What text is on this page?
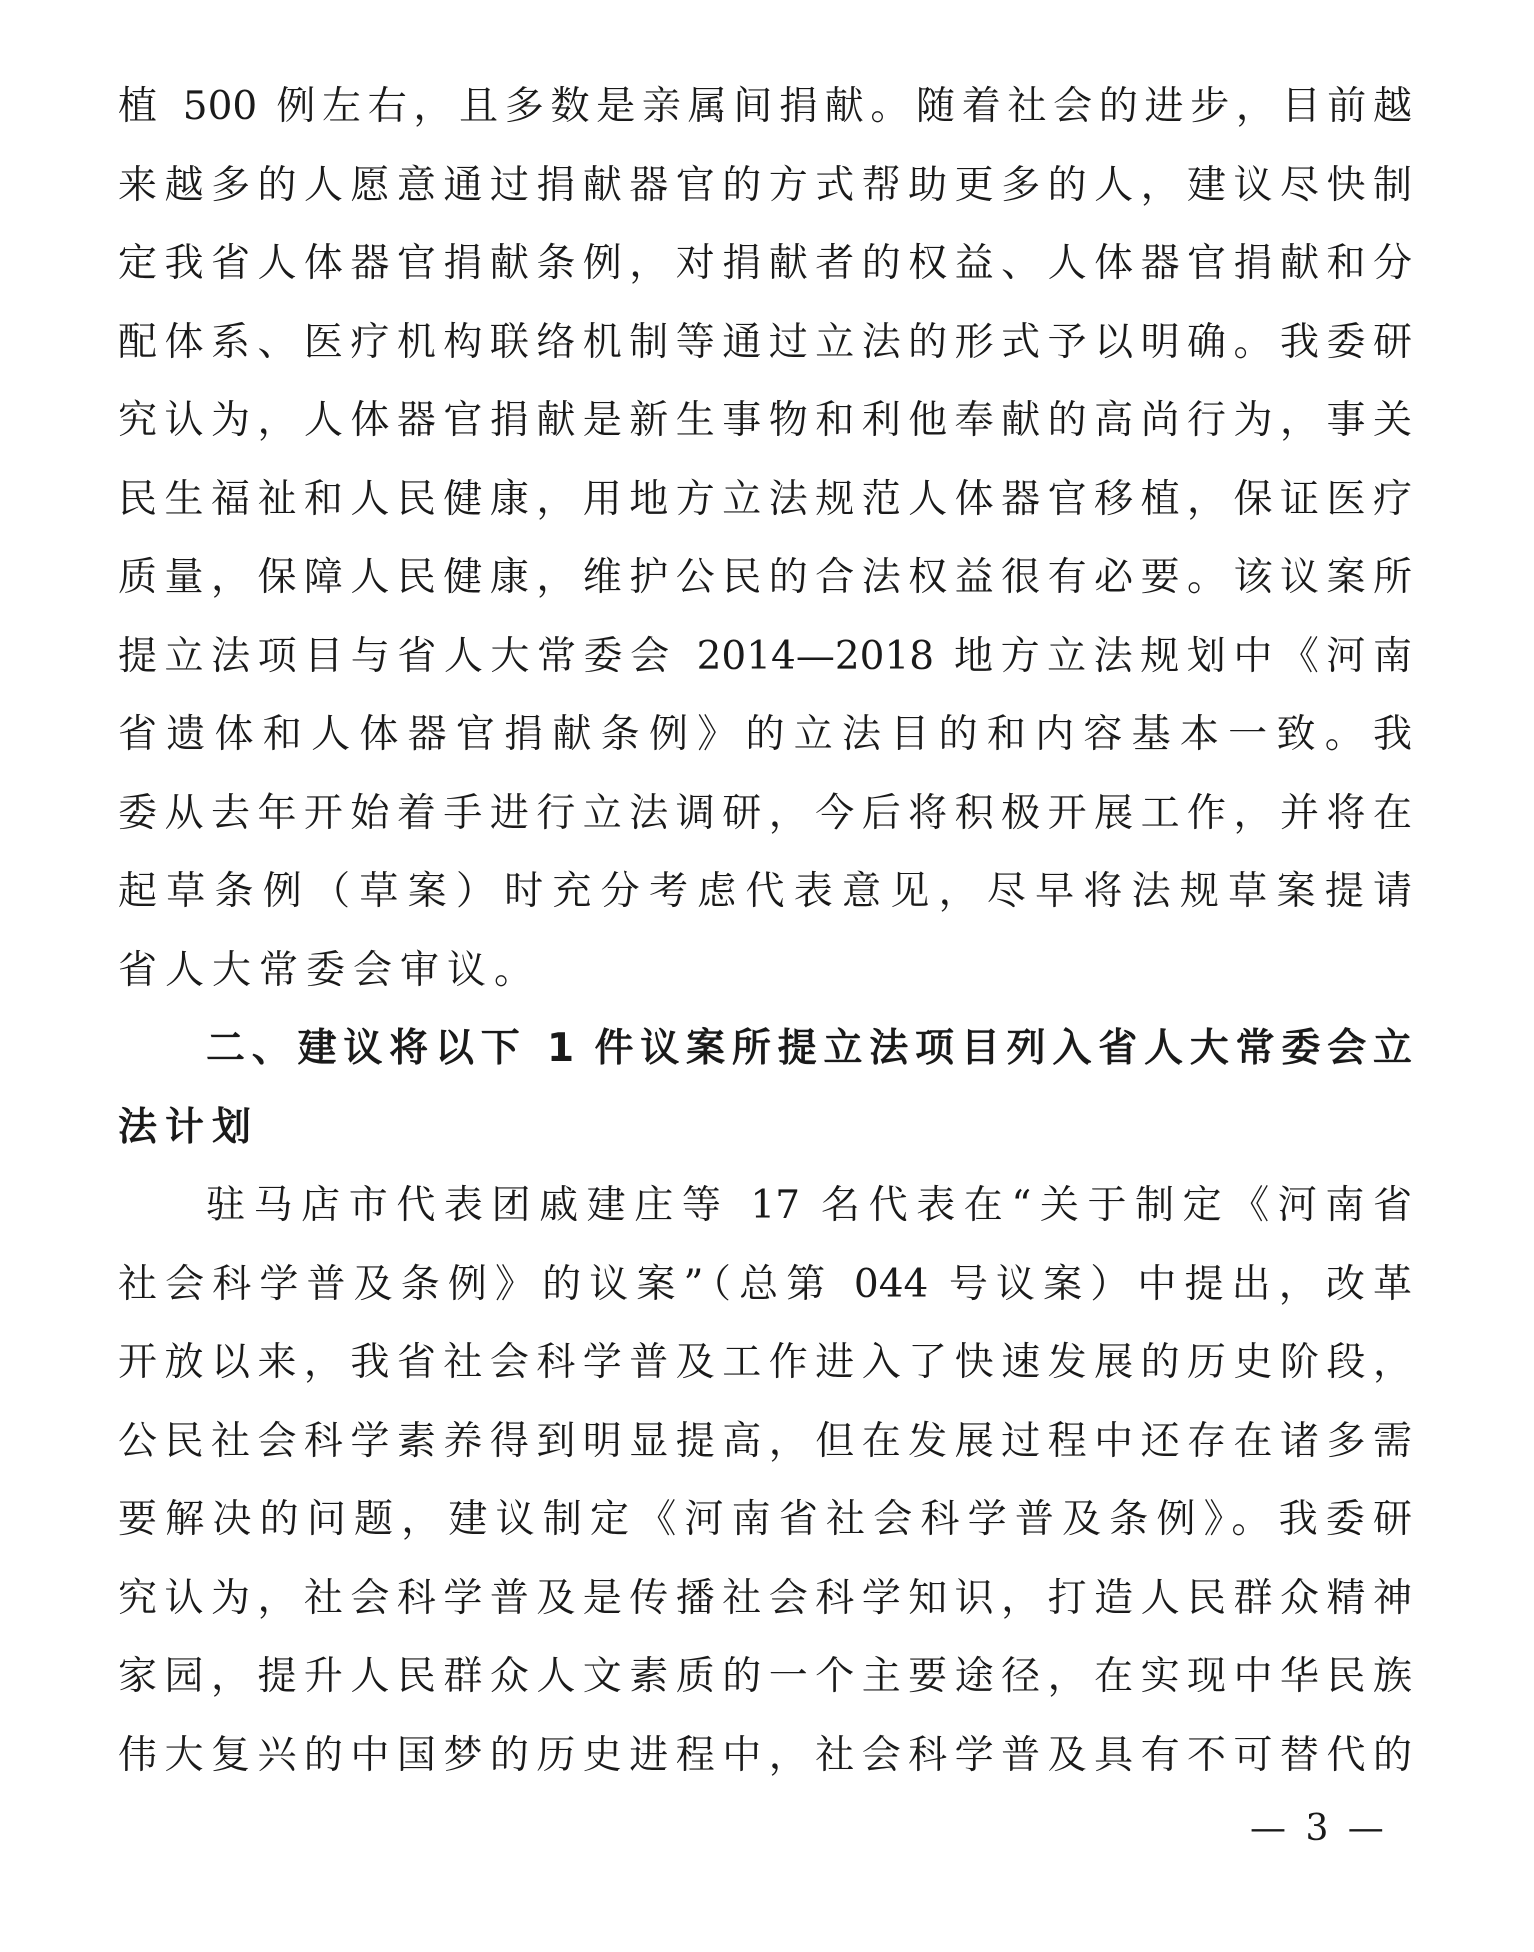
植 500 例左右，且多数是亲属间捐献。随着社会的进步，目前越
来越多的人愿意通过捐献器官的方式帮助更多的人，建议尽快制
定我省人体器官捐献条例，对捐献者的权益、人体器官捐献和分
配体系、医疗机构联络机制等通过立法的形式予以明确。我委研
究认为，人体器官捐献是新生事物和利他奉献的高尚行为，事关
民生福祉和人民健康，用地方立法规范人体器官移植，保证医疗
质量，保障人民健康，维护公民的合法权益很有必要。该议案所
提立法项目与省人大常委会 2014—2018 地方立法规划中《河南
省遗体和人体器官捐献条例》的立法目的和内容基本一致。我
委从去年开始着手进行立法调研，今后将积极开展工作，并将在
起草条例（草案）时充分考虑代表意见，尽早将法规草案提请
省人大常委会审议。
二、建议将以下 1 件议案所提立法项目列入省人大常委会立
法计划
驻马店市代表团戚建庄等 17 名代表在“关于制定《河南省
社会科学普及条例》的议案”（总第 044 号议案）中提出，改革
开放以来，我省社会科学普及工作进入了快速发展的历史阶段，
公民社会科学素养得到明显提高，但在发展过程中还存在诸多需
要解决的问题，建议制定《河南省社会科学普及条例》。我委研
究认为，社会科学普及是传播社会科学知识，打造人民群众精神
家园，提升人民群众人文素质的一个主要途径，在实现中华民族
伟大复兴的中国梦的历史进程中，社会科学普及具有不可替代的
— 3 —
